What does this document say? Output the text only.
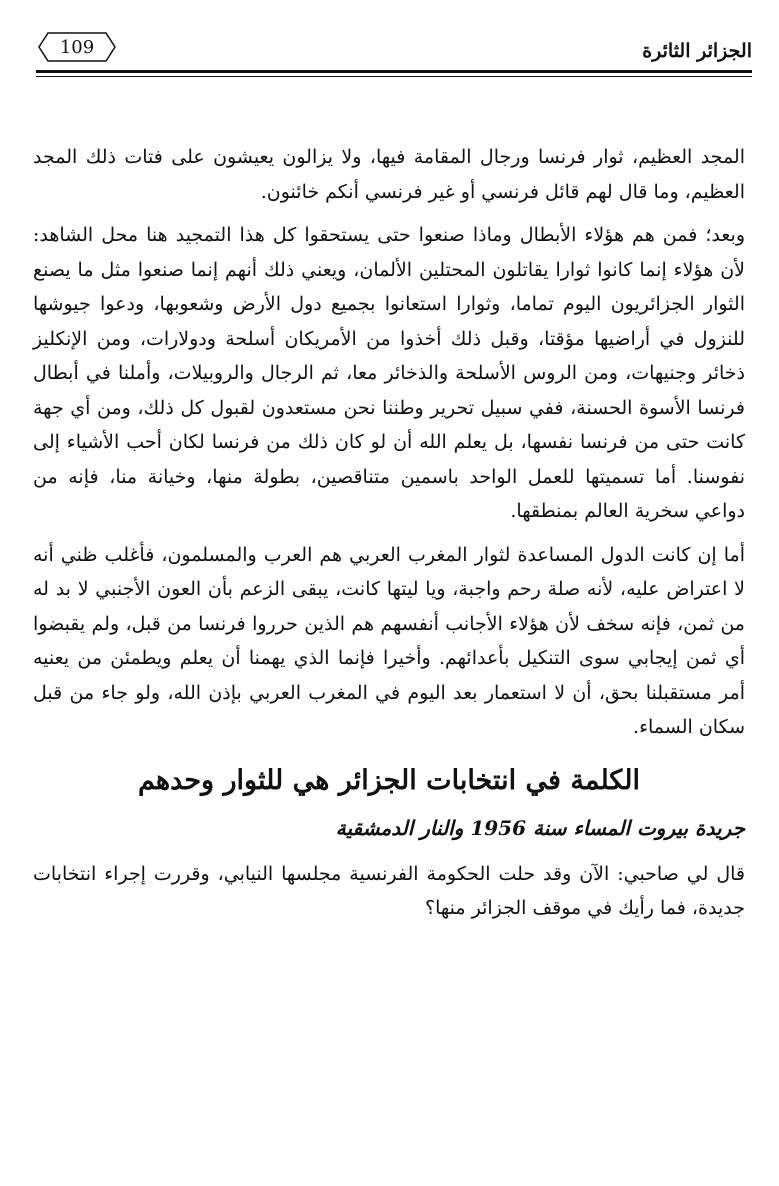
الجزائر الثائرة
109

المجد العظيم، ثوار فرنسا ورجال المقامة فيها، ولا يزالون يعيشون على فتات ذلك المجد العظيم، وما قال لهم قائل فرنسي أو غير فرنسي أنكم خائنون.

وبعد؛ فمن هم هؤلاء الأبطال وماذا صنعوا حتى يستحقوا كل هذا التمجيد هنا محل الشاهد: لأن هؤلاء إنما كانوا ثوارا يقاتلون المحتلين الألمان، ويعني ذلك أنهم إنما صنعوا مثل ما يصنع الثوار الجزائريون اليوم تماما، وثوارا استعانوا بجميع دول الأرض وشعوبها، ودعوا جيوشها للنزول في أراضيها مؤقتا، وقبل ذلك أخذوا من الأمريكان أسلحة ودولارات، ومن الإنكليز ذخائر وجنيهات، ومن الروس الأسلحة والذخائر معا، ثم الرجال والروبيلات، وأملنا في أبطال فرنسا الأسوة الحسنة، ففي سبيل تحرير وطننا نحن مستعدون لقبول كل ذلك، ومن أي جهة كانت حتى من فرنسا نفسها، بل يعلم الله أن لو كان ذلك من فرنسا لكان أحب الأشياء إلى نفوسنا. أما تسميتها للعمل الواحد باسمين متناقصين، بطولة منها، وخيانة منا، فإنه من دواعي سخرية العالم بمنطقها.

أما إن كانت الدول المساعدة لثوار المغرب العربي هم العرب والمسلمون، فأغلب ظني أنه لا اعتراض عليه، لأنه صلة رحم واجبة، ويا ليتها كانت، يبقى الزعم بأن العون الأجنبي لا بد له من ثمن، فإنه سخف لأن هؤلاء الأجانب أنفسهم هم الذين حرروا فرنسا من قبل، ولم يقبضوا أي ثمن إيجابي سوى التنكيل بأعدائهم. وأخيرا فإنما الذي يهمنا أن يعلم ويطمئن من يعنيه أمر مستقبلنا بحق، أن لا استعمار بعد اليوم في المغرب العربي بإذن الله، ولو جاء من قبل سكان السماء.

الكلمة في انتخابات الجزائر هي للثوار وحدهم
جريدة بيروت المساء سنة 1956 والنار الدمشقية

قال لي صاحبي: الآن وقد حلت الحكومة الفرنسية مجلسها النيابي، وقررت إجراء انتخابات جديدة، فما رأيك في موقف الجزائر منها؟
